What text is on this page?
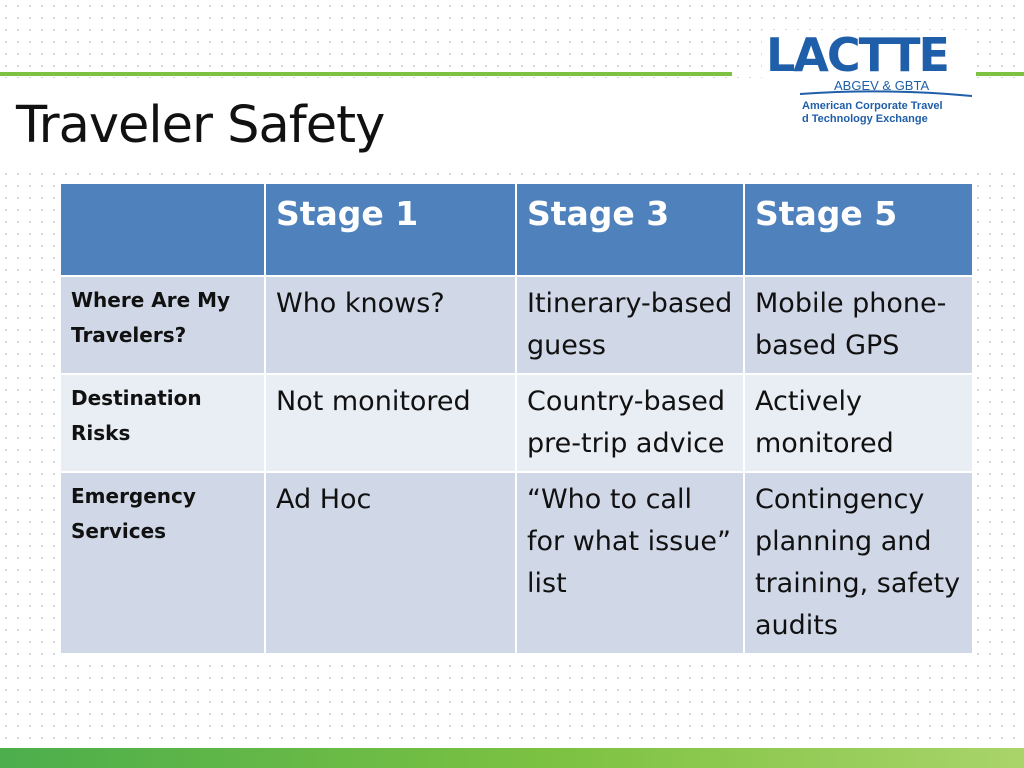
LACTTE
ABGEV & GBTA
American Corporate Travel
d Technology Exchange
Traveler Safety
	Stage 1	Stage 3	Stage 5
Where Are My Travelers?	Who knows?	Itinerary-based guess	Mobile phone-based GPS
Destination Risks	Not monitored	Country-based pre-trip advice	Actively monitored
Emergency Services	Ad Hoc	“Who to call for what issue” list	Contingency planning and training, safety audits
